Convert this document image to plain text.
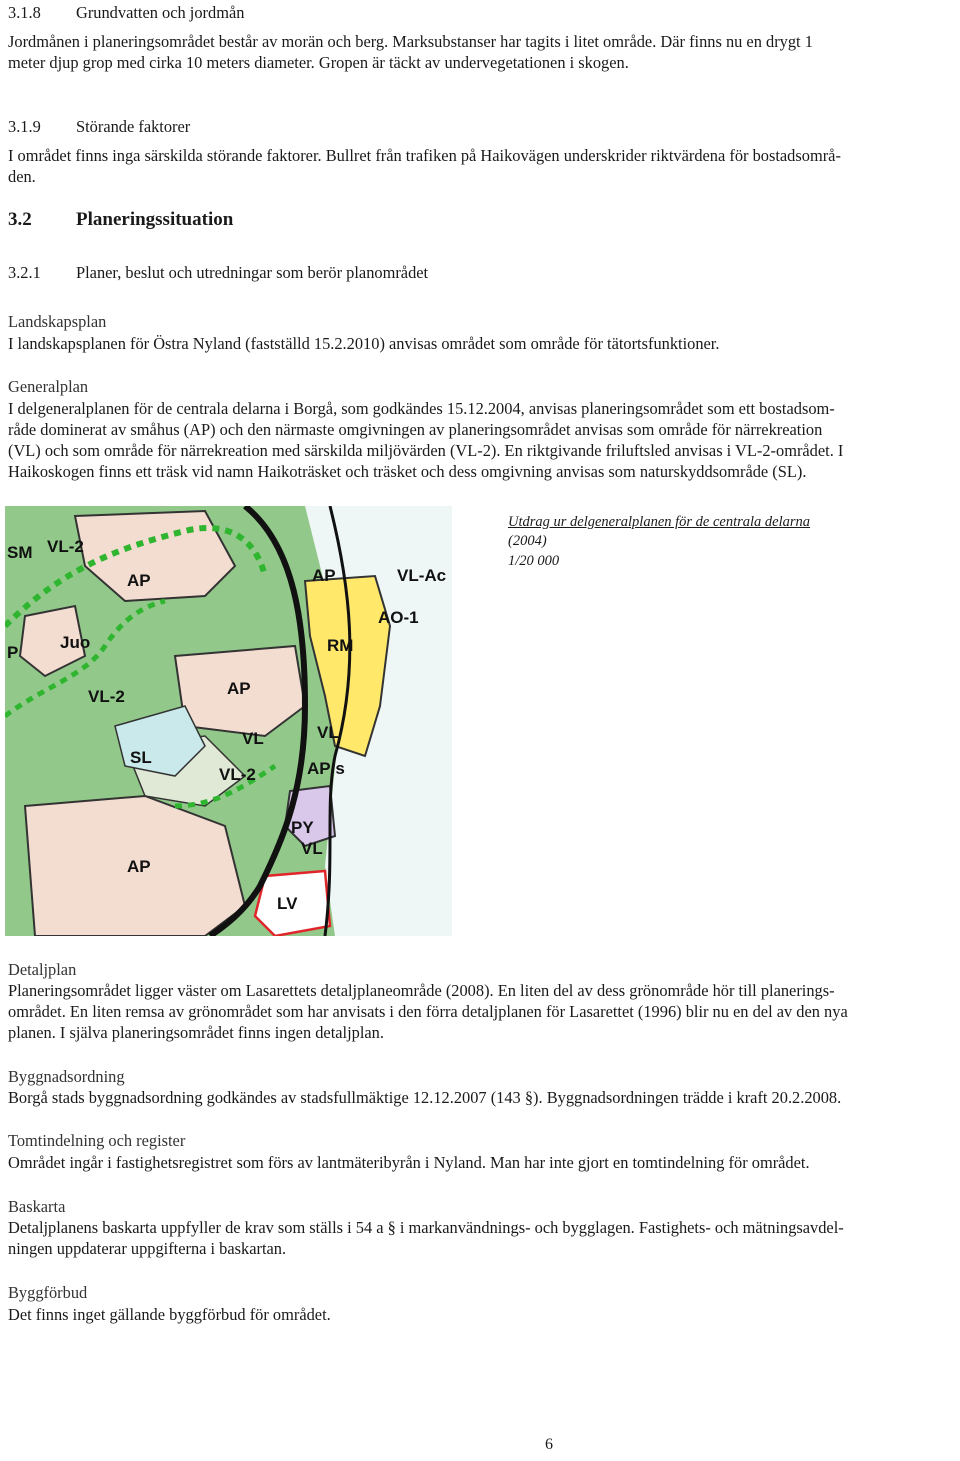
3.1.8 Grundvatten och jordmån
Jordmånen i planeringsområdet består av morän och berg. Marksubstanser har tagits i litet område. Där finns nu en drygt 1
meter djup grop med cirka 10 meters diameter. Gropen är täckt av undervegetationen i skogen.
3.1.9 Störande faktorer
I området finns inga särskilda störande faktorer. Bullret från trafiken på Haikovägen underskrider riktvärdena för bostadsområ-
den.
3.2 Planeringssituation
3.2.1 Planer, beslut och utredningar som berör planområdet
Landskapsplan
I landskapsplanen för Östra Nyland (fastställd 15.2.2010) anvisas området som område för tätortsfunktioner.
Generalplan
I delgeneralplanen för de centrala delarna i Borgå, som godkändes 15.12.2004, anvisas planeringsområdet som ett bostadsom-
råde dominerat av småhus (AP) och den närmaste omgivningen av planeringsområdet anvisas som område för närrekreation
(VL) och som område för närrekreation med särskilda miljövärden (VL-2). En riktgivande friluftsled anvisas i VL-2-området. I
Haikoskogen finns ett träsk vid namn Haikoträsket och träsket och dess omgivning anvisas som naturskyddsområde (SL).
SM VL-2
AP
Juo
P
VL-2	AP
SL
VL
VL-2
AP
AP	VL-Ac
AO-1
RM
VL
AP/s
PY
VL
LV
Utdrag ur delgeneralplanen för de centrala delarna
(2004)
1/20 000
Detaljplan
Planeringsområdet ligger väster om Lasarettets detaljplaneområde (2008). En liten del av dess grönområde hör till planerings-
området. En liten remsa av grönområdet som har anvisats i den förra detaljplanen för Lasarettet (1996) blir nu en del av den nya
planen. I själva planeringsområdet finns ingen detaljplan.
Byggnadsordning
Borgå stads byggnadsordning godkändes av stadsfullmäktige 12.12.2007 (143 §). Byggnadsordningen trädde i kraft 20.2.2008.
Tomtindelning och register
Området ingår i fastighetsregistret som förs av lantmäteribyrån i Nyland. Man har inte gjort en tomtindelning för området.
Baskarta
Detaljplanens baskarta uppfyller de krav som ställs i 54 a § i markanvändnings- och bygglagen. Fastighets- och mätningsavdel-
ningen uppdaterar uppgifterna i baskartan.
Byggförbud
Det finns inget gällande byggförbud för området.
6
